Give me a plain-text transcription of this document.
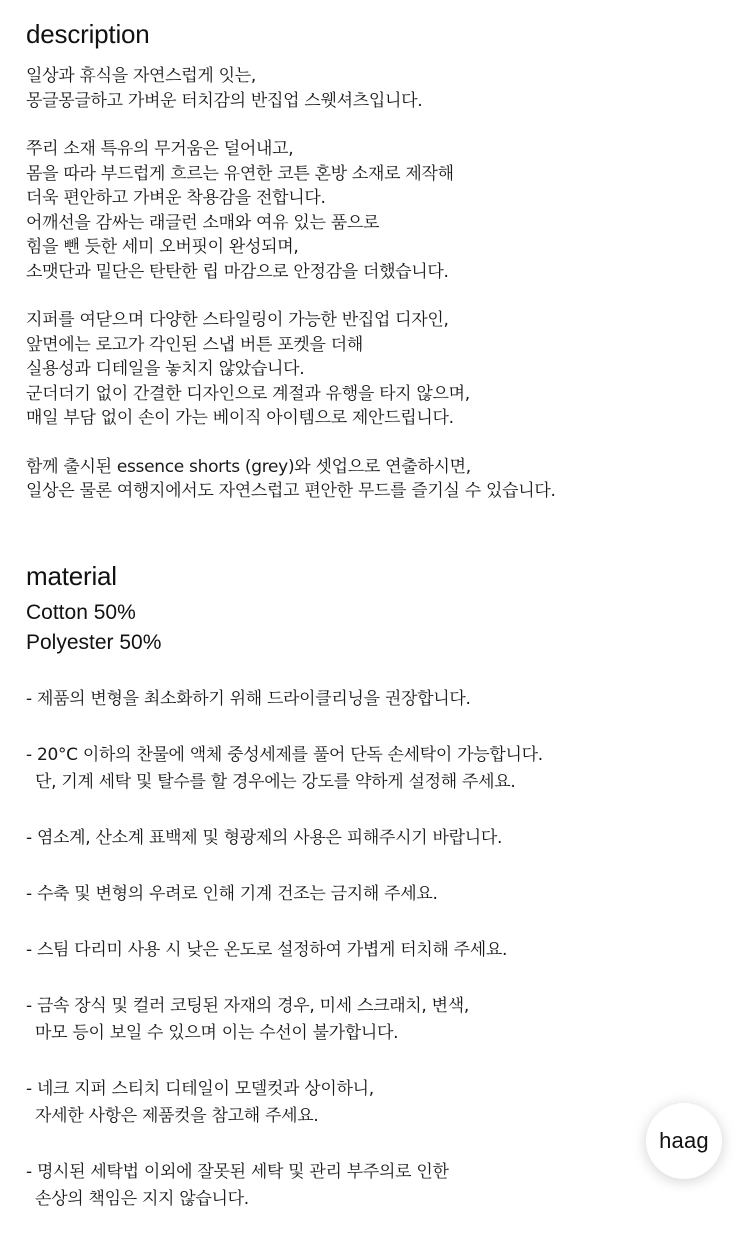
description

일상과 휴식을 자연스럽게 잇는,
몽글몽글하고 가벼운 터치감의 반집업 스웻셔츠입니다.

쭈리 소재 특유의 무거움은 덜어내고,
몸을 따라 부드럽게 흐르는 유연한 코튼 혼방 소재로 제작해
더욱 편안하고 가벼운 착용감을 전합니다.
어깨선을 감싸는 래글런 소매와 여유 있는 품으로
힘을 뺀 듯한 세미 오버핏이 완성되며,
소맷단과 밑단은 탄탄한 립 마감으로 안정감을 더했습니다.

지퍼를 여닫으며 다양한 스타일링이 가능한 반집업 디자인,
앞면에는 로고가 각인된 스냅 버튼 포켓을 더해
실용성과 디테일을 놓치지 않았습니다.
군더더기 없이 간결한 디자인으로 계절과 유행을 타지 않으며,
매일 부담 없이 손이 가는 베이직 아이템으로 제안드립니다.

함께 출시된 essence shorts (grey)와 셋업으로 연출하시면,
일상은 물론 여행지에서도 자연스럽고 편안한 무드를 즐기실 수 있습니다.

material
Cotton 50%
Polyester 50%
- 제품의 변형을 최소화하기 위해 드라이클리닝을 권장합니다.
- 20°C 이하의 찬물에 액체 중성세제를 풀어 단독 손세탁이 가능합니다.
단, 기계 세탁 및 탈수를 할 경우에는 강도를 약하게 설정해 주세요.
- 염소계, 산소계 표백제 및 형광제의 사용은 피해주시기 바랍니다.
- 수축 및 변형의 우려로 인해 기계 건조는 금지해 주세요.
- 스팀 다리미 사용 시 낮은 온도로 설정하여 가볍게 터치해 주세요.
- 금속 장식 및 컬러 코팅된 자재의 경우, 미세 스크래치, 변색,
마모 등이 보일 수 있으며 이는 수선이 불가합니다.
- 네크 지퍼 스티치 디테일이 모델컷과 상이하니,
자세한 사항은 제품컷을 참고해 주세요.
- 명시된 세탁법 이외에 잘못된 세탁 및 관리 부주의로 인한
손상의 책임은 지지 않습니다.
haag
